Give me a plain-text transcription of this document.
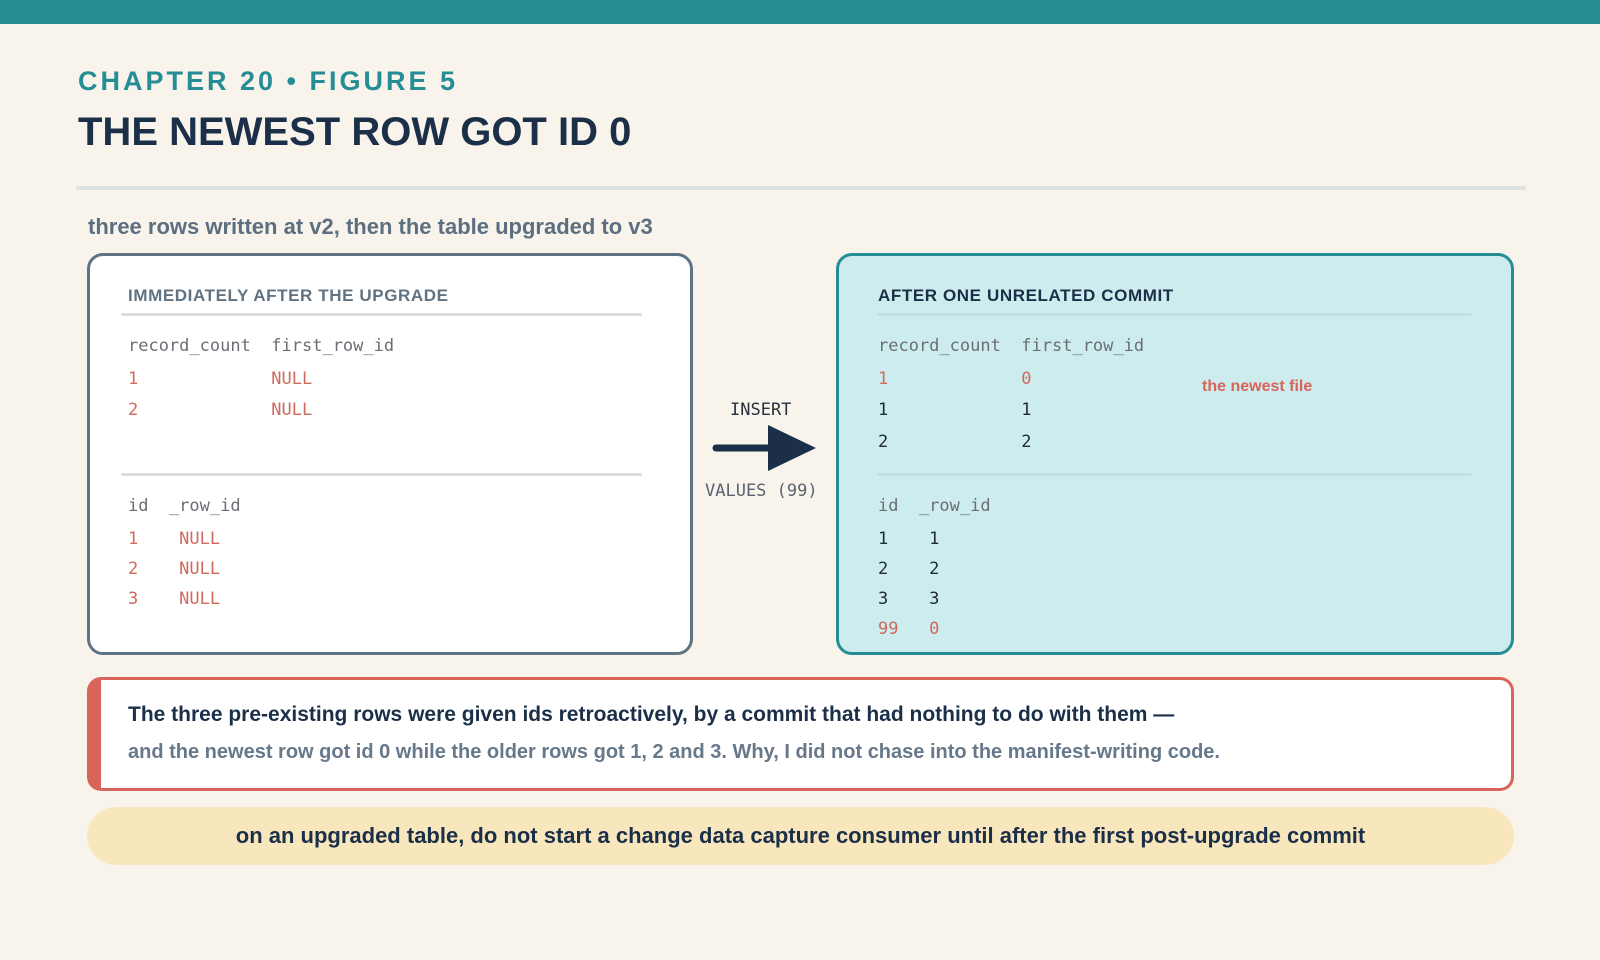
CHAPTER 20 • FIGURE 5
THE NEWEST ROW GOT ID 0
three rows written at v2, then the table upgraded to v3
IMMEDIATELY AFTER THE UPGRADE
record_count  first_row_id
1             NULL
2             NULL
id  _row_id
1    NULL
2    NULL
3    NULL
INSERT
VALUES (99)
AFTER ONE UNRELATED COMMIT
record_count  first_row_id
1             0	the newest file
1             1
2             2
id  _row_id
1    1
2    2
3    3
99   0
The three pre-existing rows were given ids retroactively, by a commit that had nothing to do with them —
and the newest row got id 0 while the older rows got 1, 2 and 3. Why, I did not chase into the manifest-writing code.
on an upgraded table, do not start a change data capture consumer until after the first post-upgrade commit
